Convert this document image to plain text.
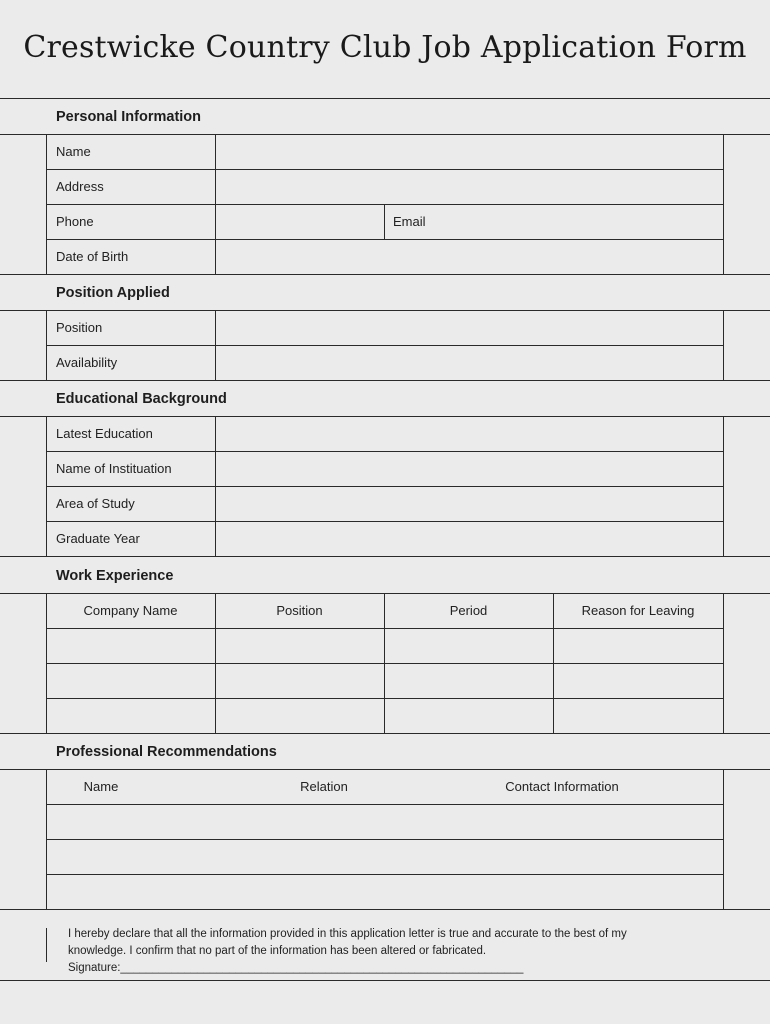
Crestwicke Country Club Job Application Form
Personal Information
Name
Address
Phone	Email
Date of Birth
Position Applied
Position
Availability
Educational Background
Latest Education
Name of Instituation
Area of Study
Graduate Year
Work Experience
Company Name	Position	Period	Reason for Leaving
Professional Recommendations
Name	Relation	Contact Information
I hereby declare that all the information provided in this application letter is true and accurate to the best of my
knowledge. I confirm that no part of the information has been altered or fabricated.
Signature:_______________________________________________________________
